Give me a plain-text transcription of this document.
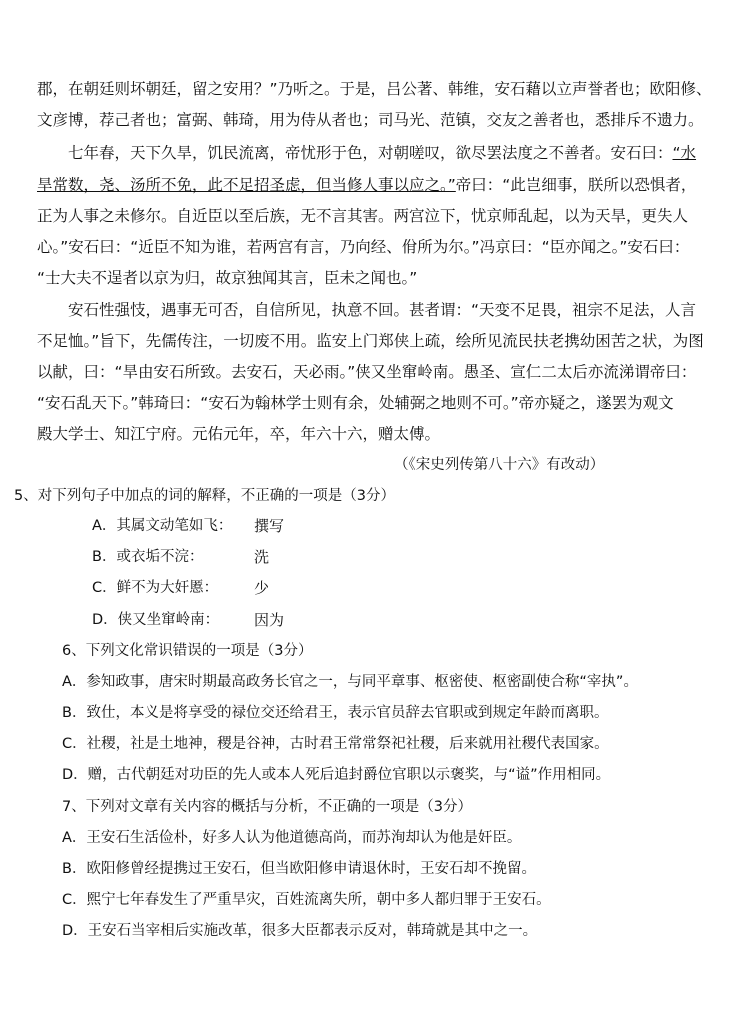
郡，在朝廷则坏朝廷，留之安用？”乃听之。于是，吕公著、韩维，安石藉以立声誉者也；欧阳修、
文彦博，荐己者也；富弼、韩琦，用为侍从者也；司马光、范镇，交友之善者也，悉排斥不遗力。
七年春，天下久旱，饥民流离，帝忧形于色，对朝嗟叹，欲尽罢法度之不善者。安石曰：“水
旱常数，尧、汤所不免，此不足招圣虑，但当修人事以应之。”帝曰：“此岂细事，朕所以恐惧者，
正为人事之未修尔。自近臣以至后族，无不言其害。两宫泣下，忧京师乱起，以为天旱，更失人
心。”安石曰：“近臣不知为谁，若两宫有言，乃向经、佾所为尔。”冯京曰：“臣亦闻之。”安石曰：
“士大夫不逞者以京为归，故京独闻其言，臣未之闻也。”
安石性强忮，遇事无可否，自信所见，执意不回。甚者谓：“天变不足畏，祖宗不足法，人言
不足恤。”旨下，先儒传注，一切废不用。监安上门郑侠上疏，绘所见流民扶老携幼困苦之状，为图
以献，曰：“旱由安石所致。去安石，天必雨。”侠又坐窜岭南。愚圣、宣仁二太后亦流涕谓帝曰：
“安石乱天下。”韩琦曰：“安石为翰林学士则有余，处辅弼之地则不可。”帝亦疑之，遂罢为观文
殿大学士、知江宁府。元佑元年，卒，年六十六，赠太傅。
（《宋史列传第八十六》有改动）
5、对下列句子中加点的词的解释，不正确的一项是（3分）
A．其属文动笔如飞： 撰写
B．或衣垢不浣：	洗
C．鲜不为大奸慝： 少
D．侠又坐窜岭南： 因为
6、下列文化常识错误的一项是（3分）
A．参知政事，唐宋时期最高政务长官之一，与同平章事、枢密使、枢密副使合称“宰执”。
B．致仕，本义是将享受的禄位交还给君王，表示官员辞去官职或到规定年龄而离职。
C．社稷，社是土地神，稷是谷神，古时君王常常祭祀社稷，后来就用社稷代表国家。
D．赠，古代朝廷对功臣的先人或本人死后追封爵位官职以示褒奖，与“谥”作用相同。
7、下列对文章有关内容的概括与分析，不正确的一项是（3分）
A．王安石生活俭朴，好多人认为他道德高尚，而苏洵却认为他是奸臣。
B．欧阳修曾经提携过王安石，但当欧阳修申请退休时，王安石却不挽留。
C．熙宁七年春发生了严重旱灾，百姓流离失所，朝中多人都归罪于王安石。
D．王安石当宰相后实施改革，很多大臣都表示反对，韩琦就是其中之一。
